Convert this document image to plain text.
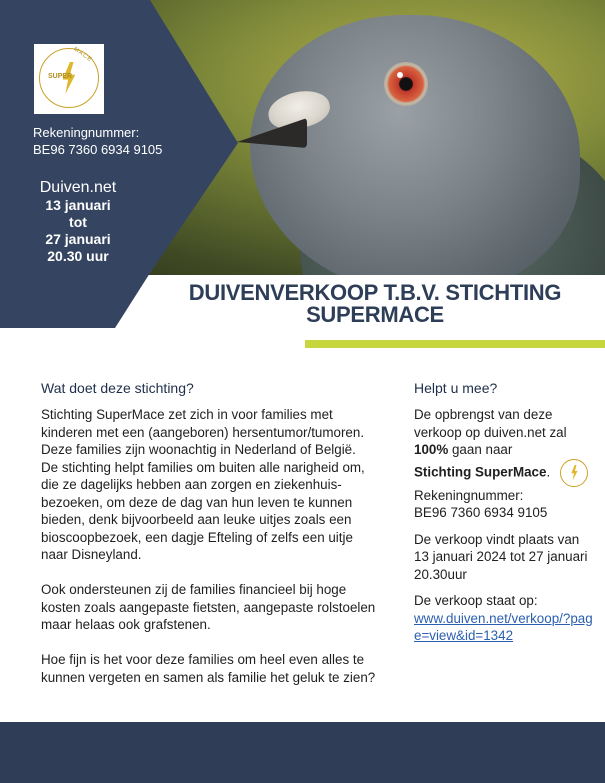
SUPER
MACE
Rekeningnummer:
BE96 7360 6934 9105
Duiven.net
13 januari
tot
27 januari
20.30 uur
DUIVENVERKOOP T.B.V. STICHTING SUPERMACE
Wat doet deze stichting?

Stichting SuperMace zet zich in voor families met kinderen met een (aangeboren) hersentumor/tumoren. Deze families zijn woonachtig in Nederland of België. De stichting helpt families om buiten alle narigheid om, die ze dagelijks hebben aan zorgen en ziekenhuis-bezoeken, om deze de dag van hun leven te kunnen bieden, denk bijvoorbeeld aan leuke uitjes zoals een bioscoopbezoek, een dagje Efteling of zelfs een uitje naar Disneyland.

Ook ondersteunen zij de families financieel bij hoge kosten zoals aangepaste fietsten, aangepaste rolstoelen maar helaas ook grafstenen.

Hoe fijn is het voor deze families om heel even alles te kunnen vergeten en samen als familie het geluk te zien?

Helpt u mee?

De opbrengst van deze verkoop op duiven.net zal 100% gaan naar
Stichting SuperMace.

Rekeningnummer:
BE96 7360 6934 9105

De verkoop vindt plaats van 13 januari 2024 tot 27 januari 20.30uur

De verkoop staat op:
www.duiven.net/verkoop/?page=view&id=1342
